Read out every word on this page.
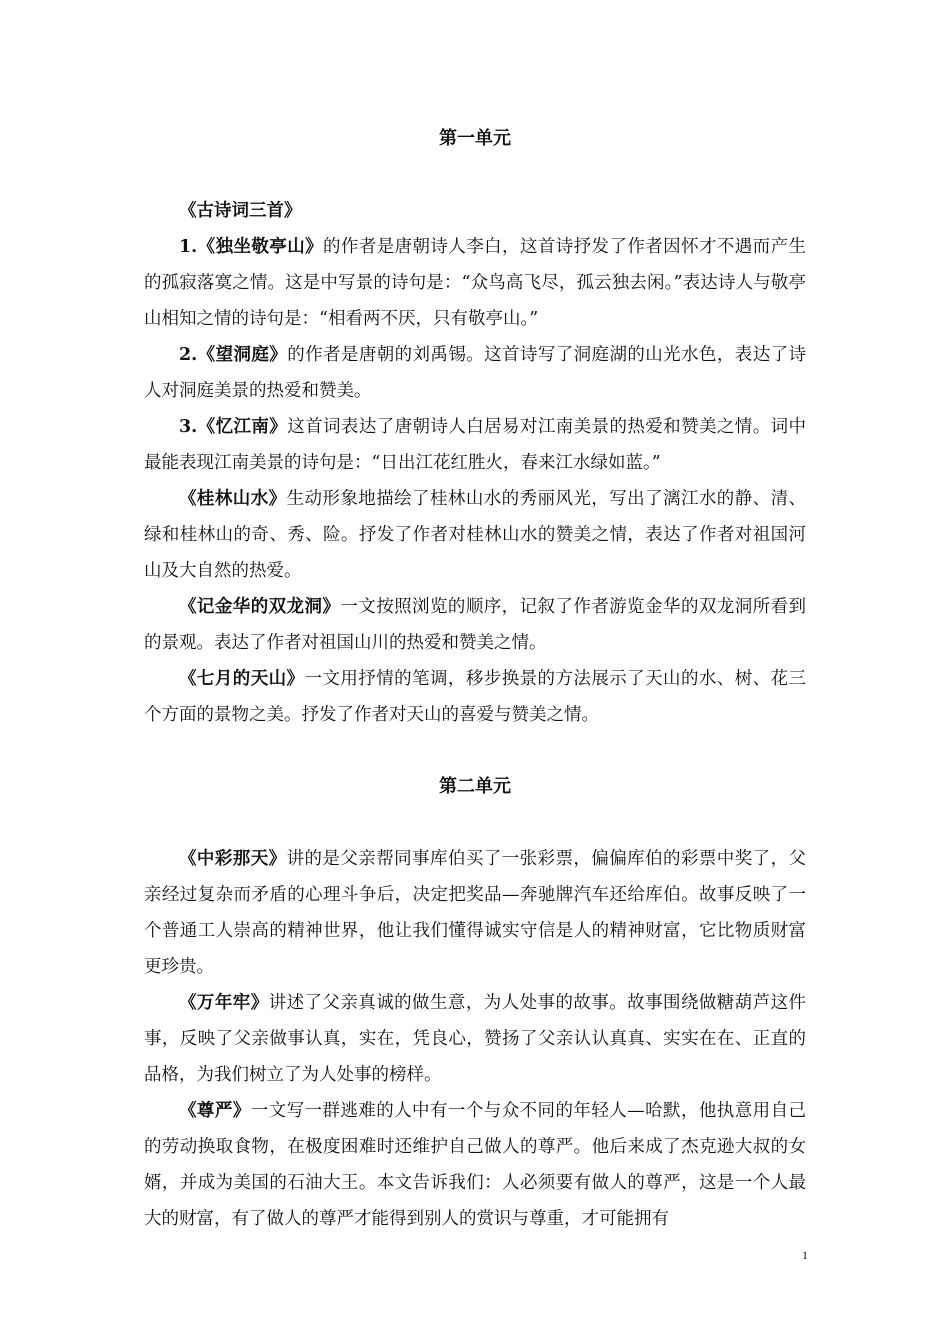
第一单元

《古诗词三首》

1.《独坐敬亭山》的作者是唐朝诗人李白，这首诗抒发了作者因怀才不遇而产生的孤寂落寞之情。这是中写景的诗句是：“众鸟高飞尽，孤云独去闲。”表达诗人与敬亭山相知之情的诗句是：“相看两不厌，只有敬亭山。”

2.《望洞庭》的作者是唐朝的刘禹锡。这首诗写了洞庭湖的山光水色，表达了诗人对洞庭美景的热爱和赞美。

3.《忆江南》这首词表达了唐朝诗人白居易对江南美景的热爱和赞美之情。词中最能表现江南美景的诗句是：“日出江花红胜火，春来江水绿如蓝。”

《桂林山水》生动形象地描绘了桂林山水的秀丽风光，写出了漓江水的静、清、绿和桂林山的奇、秀、险。抒发了作者对桂林山水的赞美之情，表达了作者对祖国河山及大自然的热爱。

《记金华的双龙洞》一文按照浏览的顺序，记叙了作者游览金华的双龙洞所看到的景观。表达了作者对祖国山川的热爱和赞美之情。

《七月的天山》一文用抒情的笔调，移步换景的方法展示了天山的水、树、花三个方面的景物之美。抒发了作者对天山的喜爱与赞美之情。

第二单元

《中彩那天》讲的是父亲帮同事库伯买了一张彩票，偏偏库伯的彩票中奖了，父亲经过复杂而矛盾的心理斗争后，决定把奖品—奔驰牌汽车还给库伯。故事反映了一个普通工人崇高的精神世界，他让我们懂得诚实守信是人的精神财富，它比物质财富更珍贵。

《万年牢》讲述了父亲真诚的做生意，为人处事的故事。故事围绕做糖葫芦这件事，反映了父亲做事认真，实在，凭良心，赞扬了父亲认认真真、实实在在、正直的品格，为我们树立了为人处事的榜样。

《尊严》一文写一群逃难的人中有一个与众不同的年轻人—哈默，他执意用自己的劳动换取食物，在极度困难时还维护自己做人的尊严。他后来成了杰克逊大叔的女婿，并成为美国的石油大王。本文告诉我们：人必须要有做人的尊严，这是一个人最大的财富，有了做人的尊严才能得到别人的赏识与尊重，才可能拥有

1
